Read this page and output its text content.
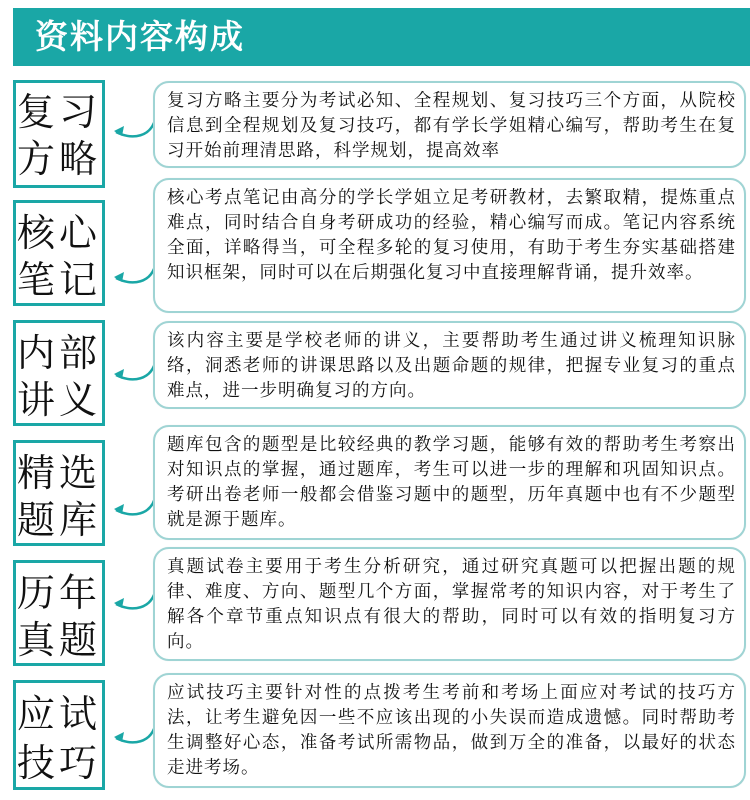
资料内容构成
复习
方略
复习方略主要分为考试必知、全程规划、复习技巧三个方面，从院校信息到全程规划及复习技巧，都有学长学姐精心编写，帮助考生在复习开始前理清思路，科学规划，提高效率
核心
笔记
核心考点笔记由高分的学长学姐立足考研教材，去繁取精，提炼重点难点，同时结合自身考研成功的经验，精心编写而成。笔记内容系统全面，详略得当，可全程多轮的复习使用，有助于考生夯实基础搭建知识框架，同时可以在后期强化复习中直接理解背诵，提升效率。
内部
讲义
该内容主要是学校老师的讲义，主要帮助考生通过讲义梳理知识脉络，洞悉老师的讲课思路以及出题命题的规律，把握专业复习的重点难点，进一步明确复习的方向。
精选
题库
题库包含的题型是比较经典的教学习题，能够有效的帮助考生考察出对知识点的掌握，通过题库，考生可以进一步的理解和巩固知识点。考研出卷老师一般都会借鉴习题中的题型，历年真题中也有不少题型就是源于题库。
历年
真题
真题试卷主要用于考生分析研究，通过研究真题可以把握出题的规律、难度、方向、题型几个方面，掌握常考的知识内容，对于考生了解各个章节重点知识点有很大的帮助，同时可以有效的指明复习方向。
应试
技巧
应试技巧主要针对性的点拨考生考前和考场上面应对考试的技巧方法，让考生避免因一些不应该出现的小失误而造成遗憾。同时帮助考生调整好心态，准备考试所需物品，做到万全的准备，以最好的状态走进考场。
